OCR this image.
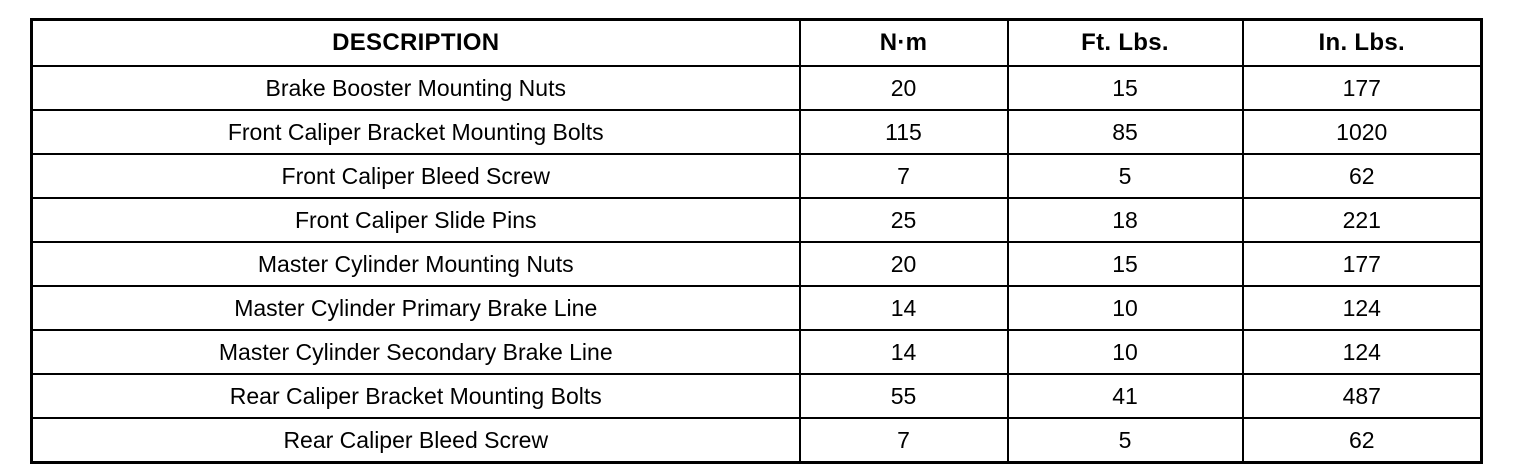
DESCRIPTION	N·m	Ft. Lbs.	In. Lbs.
Brake Booster Mounting Nuts	20	15	177
Front Caliper Bracket Mounting Bolts	115	85	1020
Front Caliper Bleed Screw	7	5	62
Front Caliper Slide Pins	25	18	221
Master Cylinder Mounting Nuts	20	15	177
Master Cylinder Primary Brake Line	14	10	124
Master Cylinder Secondary Brake Line	14	10	124
Rear Caliper Bracket Mounting Bolts	55	41	487
Rear Caliper Bleed Screw	7	5	62
